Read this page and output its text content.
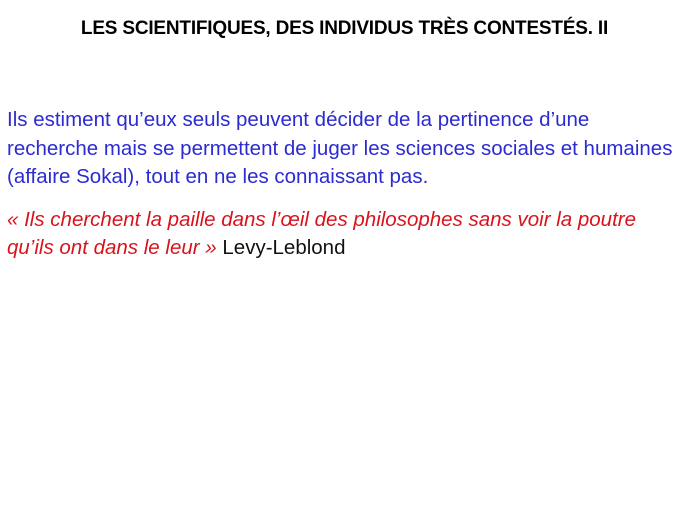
LES SCIENTIFIQUES, DES INDIVIDUS TRÈS CONTESTÉS. II

Ils estiment qu’eux seuls peuvent décider de la pertinence d’une recherche mais se permettent de juger les sciences sociales et humaines (affaire Sokal), tout en ne les connaissant pas.

« Ils cherchent la paille dans l’œil des philosophes sans voir la poutre qu’ils ont dans le leur » Levy-Leblond
